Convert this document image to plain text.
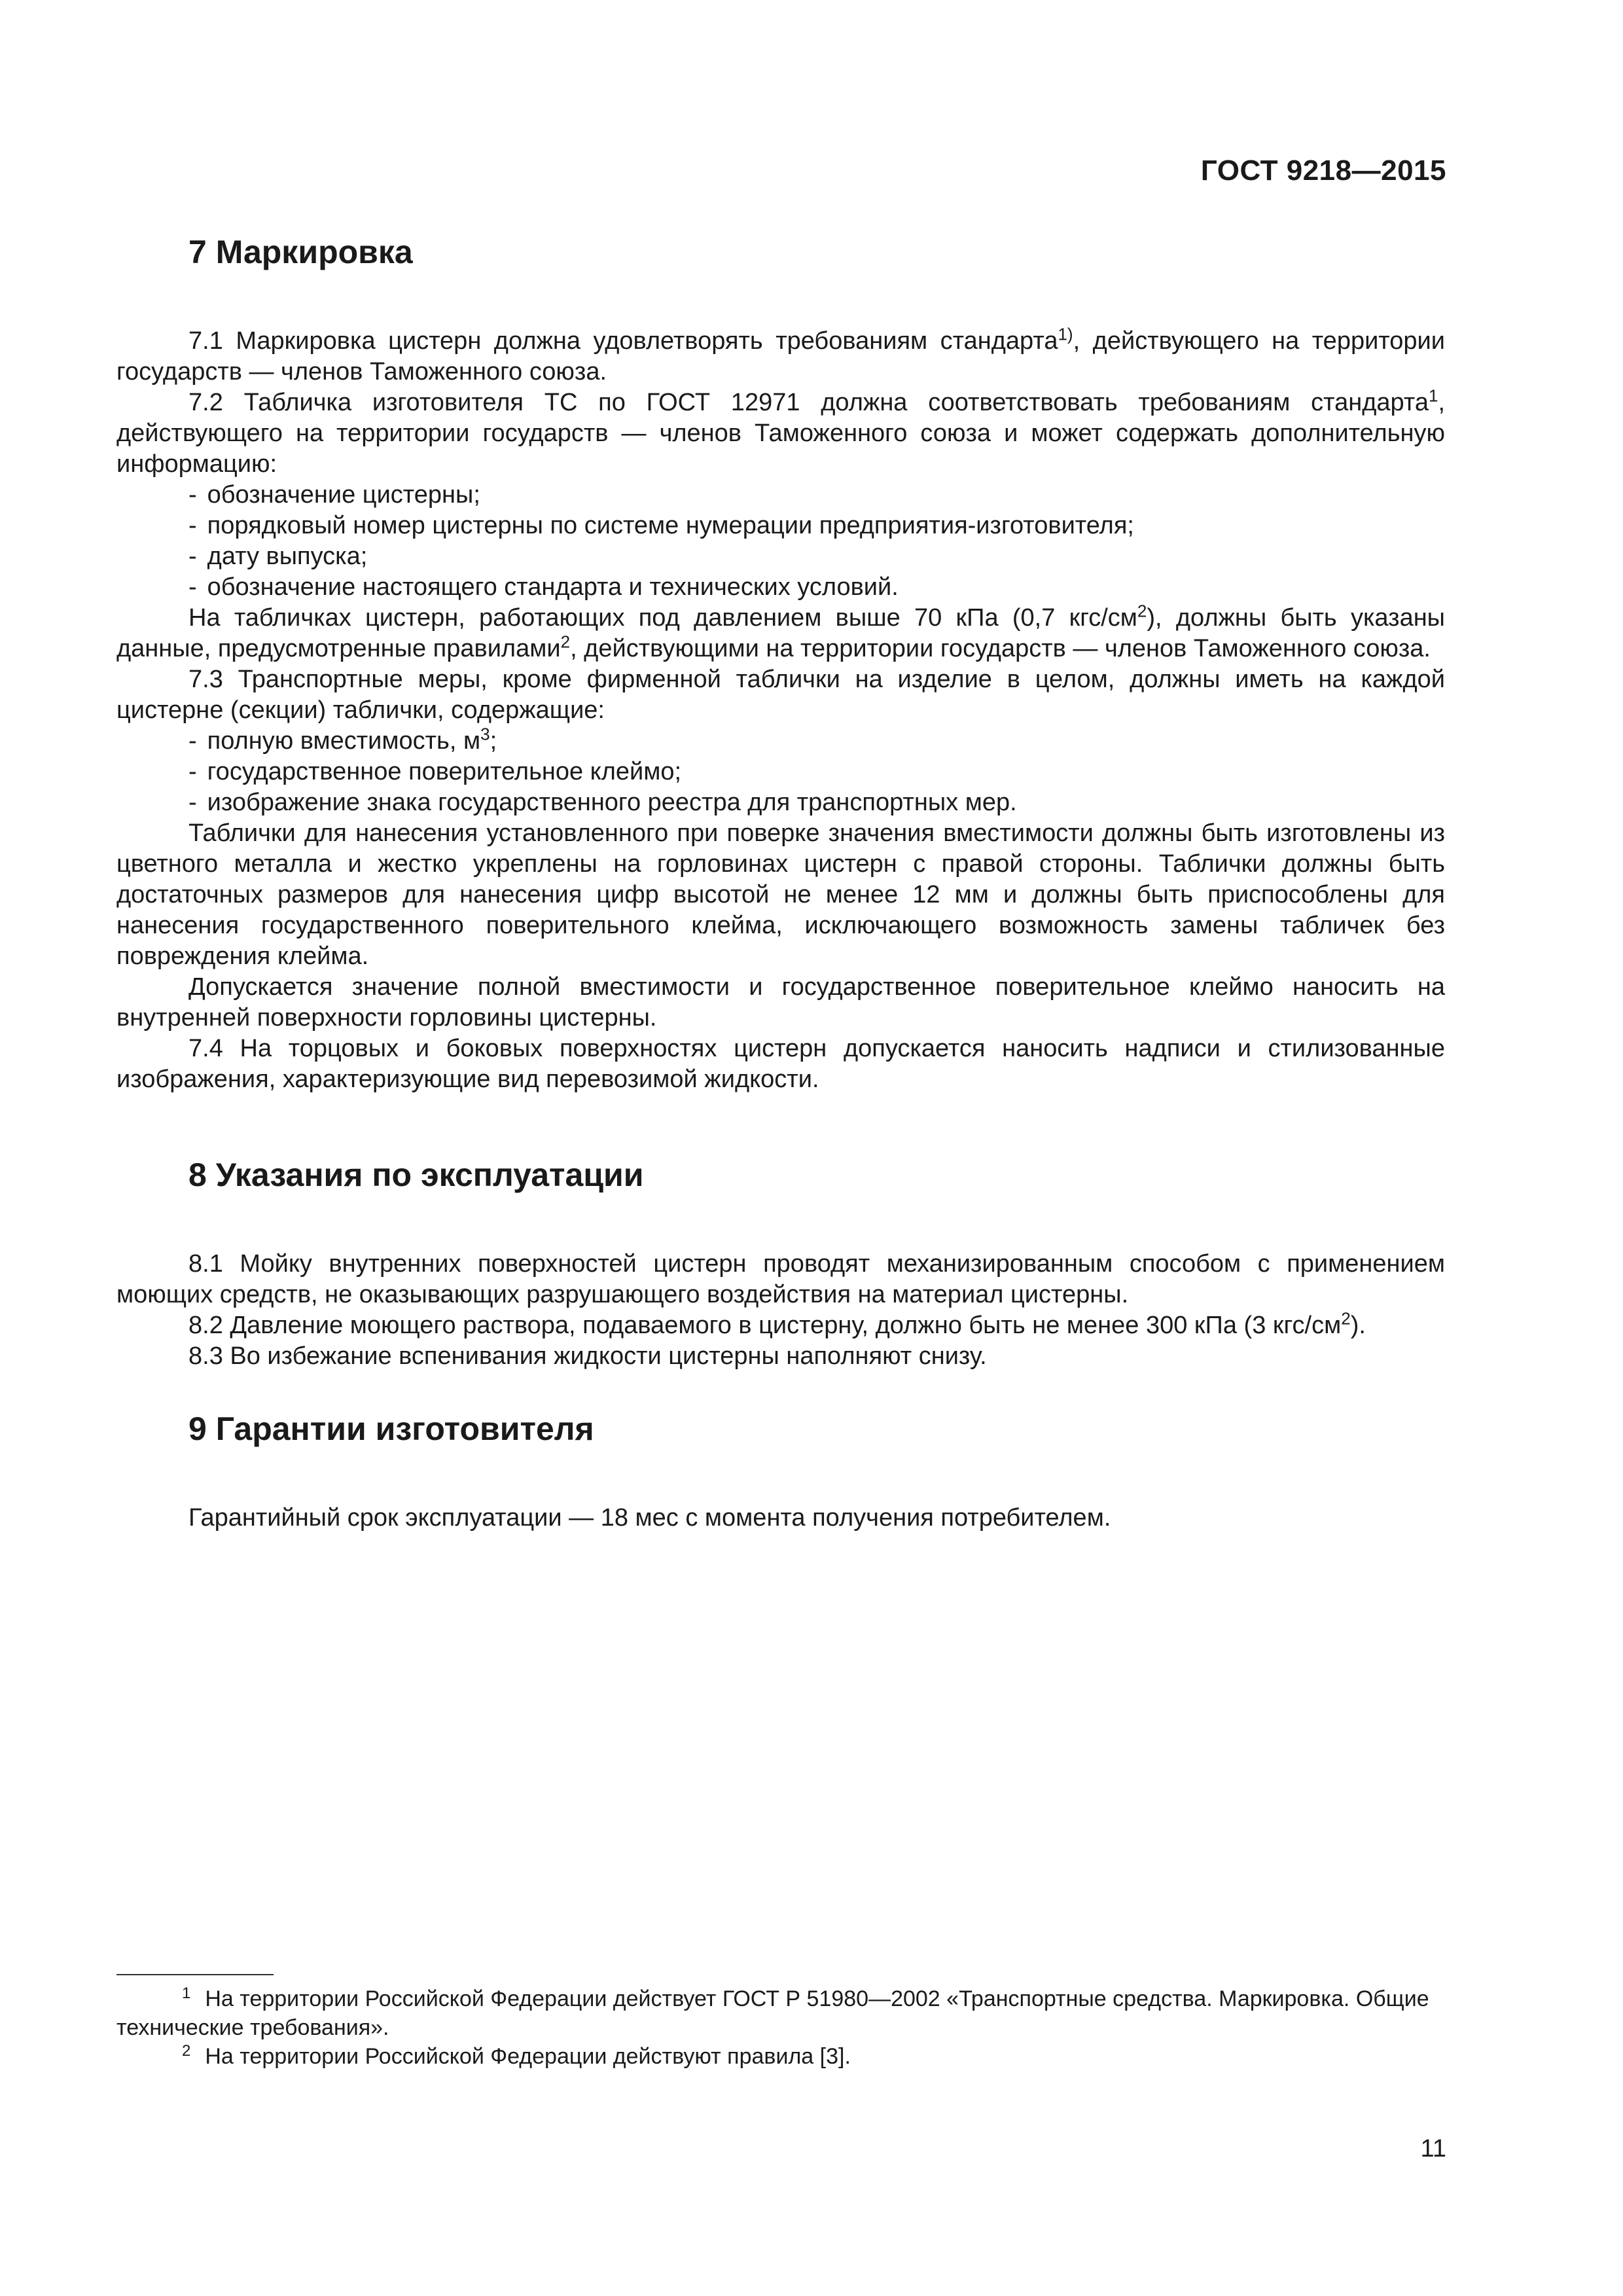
ГОСТ 9218—2015
7 Маркировка

7.1 Маркировка цистерн должна удовлетворять требованиям стандарта$^{1)}$, действующего на территории государств — членов Таможенного союза.

7.2 Табличка изготовителя ТС по ГОСТ 12971 должна соответствовать требованиям стандарта$^1$, действующего на территории государств — членов Таможенного союза и может содержать дополнительную информацию:

- обозначение цистерны;

- порядковый номер цистерны по системе нумерации предприятия-изготовителя;

- дату выпуска;

- обозначение настоящего стандарта и технических условий.

На табличках цистерн, работающих под давлением выше 70 кПа (0,7 кгс/$см^2$), должны быть указаны данные, предусмотренные правилами$^2$, действующими на территории государств — членов Таможенного союза.

7.3 Транспортные меры, кроме фирменной таблички на изделие в целом, должны иметь на каждой цистерне (секции) таблички, содержащие:

- полную вместимость, $м^3$;

- государственное поверительное клеймо;

- изображение знака государственного реестра для транспортных мер.

Таблички для нанесения установленного при поверке значения вместимости должны быть изготовлены из цветного металла и жестко укреплены на горловинах цистерн с правой стороны. Таблички должны быть достаточных размеров для нанесения цифр высотой не менее 12 мм и должны быть приспособлены для нанесения государственного поверительного клейма, исключающего возможность замены табличек без повреждения клейма.

Допускается значение полной вместимости и государственное поверительное клеймо наносить на внутренней поверхности горловины цистерны.

7.4 На торцовых и боковых поверхностях цистерн допускается наносить надписи и стилизованные изображения, характеризующие вид перевозимой жидкости.

8 Указания по эксплуатации

8.1 Мойку внутренних поверхностей цистерн проводят механизированным способом с применением моющих средств, не оказывающих разрушающего воздействия на материал цистерны.

8.2 Давление моющего раствора, подаваемого в цистерну, должно быть не менее 300 кПа (3 кгс/$см^2$).

8.3 Во избежание вспенивания жидкости цистерны наполняют снизу.

9 Гарантии изготовителя

Гарантийный срок эксплуатации — 18 мес с момента получения потребителем.

$^1$ На территории Российской Федерации действует ГОСТ Р 51980—2002 «Транспортные средства. Маркировка. Общие технические требования».

$^2$ На территории Российской Федерации действуют правила [3].

11
